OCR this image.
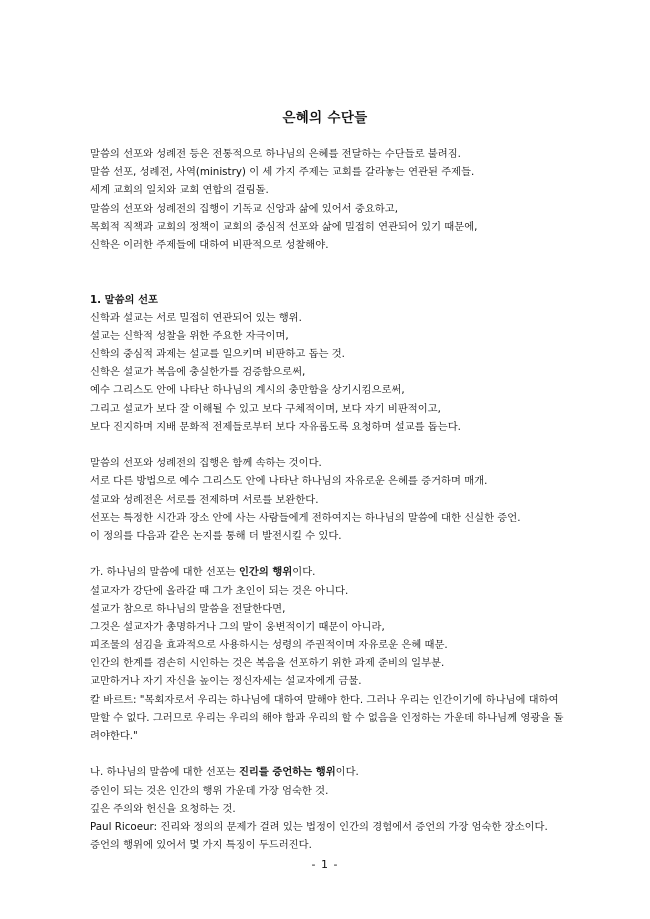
은혜의 수단들
말씀의 선포와 성례전 등은 전통적으로 하나님의 은혜를 전달하는 수단들로 불려짐.
말씀 선포, 성례전, 사역(ministry) 이 세 가지 주제는 교회를 갈라놓는 연관된 주제들.
세계 교회의 일치와 교회 연합의 걸림돌.
말씀의 선포와 성례전의 집행이 기독교 신앙과 삶에 있어서 중요하고,
목회적 직책과 교회의 정책이 교회의 중심적 선포와 삶에 밀접히 연관되어 있기 때문에,
신학은 이러한 주제들에 대하여 비판적으로 성찰해야.
1. 말씀의 선포
신학과 설교는 서로 밀접히 연관되어 있는 행위.
설교는 신학적 성찰을 위한 주요한 자극이며,
신학의 중심적 과제는 설교를 일으키며 비판하고 돕는 것.
신학은 설교가 복음에 충실한가를 검증함으로써,
예수 그리스도 안에 나타난 하나님의 계시의 충만함을 상기시킴으로써,
그리고 설교가 보다 잘 이해될 수 있고 보다 구체적이며, 보다 자기 비판적이고,
보다 진지하며 지배 문화적 전제들로부터 보다 자유롭도록 요청하며 설교를 돕는다.
말씀의 선포와 성례전의 집행은 함께 속하는 것이다.
서로 다른 방법으로 예수 그리스도 안에 나타난 하나님의 자유로운 은혜를 증거하며 매개.
설교와 성례전은 서로를 전제하며 서로를 보완한다.
선포는 특정한 시간과 장소 안에 사는 사람들에게 전하여지는 하나님의 말씀에 대한 신실한 증언.
이 정의를 다음과 같은 논지를 통해 더 발전시킬 수 있다.
가. 하나님의 말씀에 대한 선포는 인간의 행위이다.
설교자가 강단에 올라갈 때 그가 초인이 되는 것은 아니다.
설교가 참으로 하나님의 말씀을 전달한다면,
그것은 설교자가 총명하거나 그의 말이 웅변적이기 때문이 아니라,
피조물의 섬김을 효과적으로 사용하시는 성령의 주권적이며 자유로운 은혜 때문.
인간의 한계를 겸손히 시인하는 것은 복음을 선포하기 위한 과제 준비의 일부분.
교만하거나 자기 자신을 높이는 정신자세는 설교자에게 금물.
칼 바르트: "목회자로서 우리는 하나님에 대하여 말해야 한다. 그러나 우리는 인간이기에 하나님에 대하여 말할 수 없다. 그러므로 우리는 우리의 해야 함과 우리의 할 수 없음을 인정하는 가운데 하나님께 영광을 돌려야한다."
나. 하나님의 말씀에 대한 선포는 진리를 증언하는 행위이다.
증인이 되는 것은 인간의 행위 가운데 가장 엄숙한 것.
깊은 주의와 헌신을 요청하는 것.
Paul Ricoeur: 진리와 정의의 문제가 걸려 있는 법정이 인간의 경험에서 증언의 가장 엄숙한 장소이다.
증언의 행위에 있어서 몇 가지 특징이 두드러진다.
- 1 -
